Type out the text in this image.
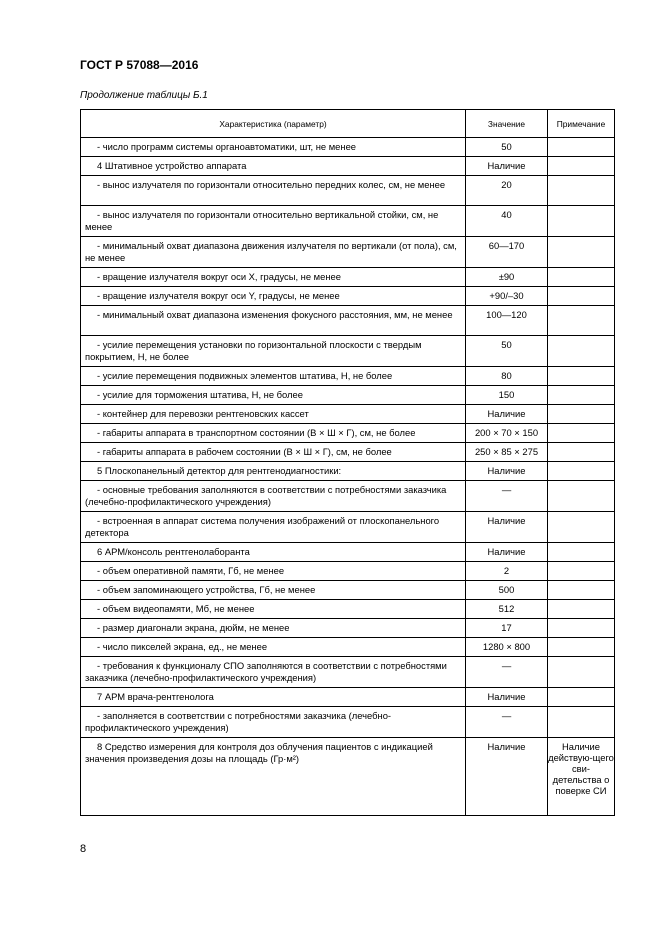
ГОСТ Р 57088—2016
Продолжение таблицы Б.1
Характеристика (параметр)	Значение	Примечание
- число программ системы органоавтоматики, шт, не менее	50	
4 Штативное устройство аппарата	Наличие	
- вынос излучателя по горизонтали относительно передних колес, см, не менее	20	
- вынос излучателя по горизонтали относительно вертикальной стойки, см, не менее	40	
- минимальный охват диапазона движения излучателя по вертикали (от пола), см, не менее	60—170	
- вращение излучателя вокруг оси X, градусы, не менее	±90	
- вращение излучателя вокруг оси Y, градусы, не менее	+90/–30	
- минимальный охват диапазона изменения фокусного расстояния, мм, не менее	100—120	
- усилие перемещения установки по горизонтальной плоскости с твердым покрытием, Н, не более	50	
- усилие перемещения подвижных элементов штатива, Н, не более	80	
- усилие для торможения штатива, Н, не более	150	
- контейнер для перевозки рентгеновских кассет	Наличие	
- габариты аппарата в транспортном состоянии (В × Ш × Г), см, не более	200 × 70 × 150	
- габариты аппарата в рабочем состоянии (В × Ш × Г), см, не более	250 × 85 × 275	
5 Плоскопанельный детектор для рентгенодиагностики:	Наличие	
- основные требования заполняются в соответствии с потребностями заказчика (лечебно-профилактического учреждения)	—	
- встроенная в аппарат система получения изображений от плоскопанельного детектора	Наличие	
6 АРМ/консоль рентгенолаборанта	Наличие	
- объем оперативной памяти, Гб, не менее	2	
- объем запоминающего устройства, Гб, не менее	500	
- объем видеопамяти, Мб, не менее	512	
- размер диагонали экрана, дюйм, не менее	17	
- число пикселей экрана, ед., не менее	1280 × 800	
- требования к функционалу СПО заполняются в соответствии с потребностями заказчика (лечебно-профилактического учреждения)	—	
7 АРМ врача-рентгенолога	Наличие	
- заполняется в соответствии с потребностями заказчика (лечебно-профилактического учреждения)	—	
8 Средство измерения для контроля доз облучения пациентов с индикацией значения произведения дозы на площадь (Гр·м²)	Наличие	Наличие действую-щего сви-детельства о поверке СИ
8
